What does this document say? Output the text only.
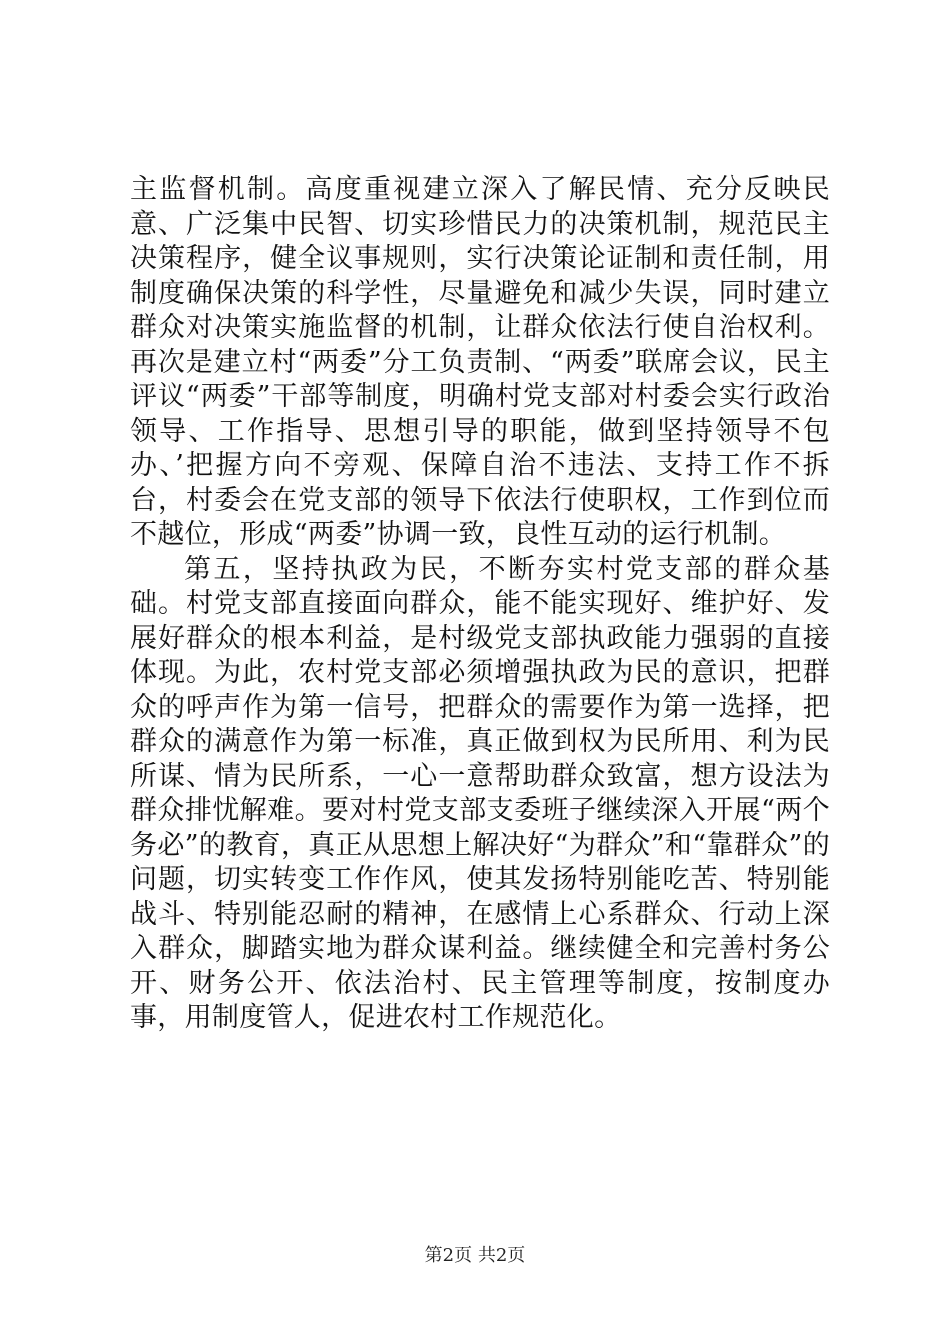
主监督机制。高度重视建立深入了解民情、充分反映民意、广泛集中民智、切实珍惜民力的决策机制，规范民主决策程序，健全议事规则，实行决策论证制和责任制，用制度确保决策的科学性，尽量避免和减少失误，同时建立群众对决策实施监督的机制，让群众依法行使自治权利。再次是建立村“两委”分工负责制、“两委”联席会议，民主评议“两委”干部等制度，明确村党支部对村委会实行政治领导、工作指导、思想引导的职能，做到坚持领导不包办、’把握方向不旁观、保障自治不违法、支持工作不拆台，村委会在党支部的领导下依法行使职权，工作到位而不越位，形成“两委”协调一致，良性互动的运行机制。

第五，坚持执政为民，不断夯实村党支部的群众基础。村党支部直接面向群众，能不能实现好、维护好、发展好群众的根本利益，是村级党支部执政能力强弱的直接体现。为此，农村党支部必须增强执政为民的意识，把群众的呼声作为第一信号，把群众的需要作为第一选择，把群众的满意作为第一标准，真正做到权为民所用、利为民所谋、情为民所系，一心一意帮助群众致富，想方设法为群众排忧解难。要对村党支部支委班子继续深入开展“两个务必”的教育，真正从思想上解决好“为群众”和“靠群众”的问题，切实转变工作作风，使其发扬特别能吃苦、特别能战斗、特别能忍耐的精神，在感情上心系群众、行动上深入群众，脚踏实地为群众谋利益。继续健全和完善村务公开、财务公开、依法治村、民主管理等制度，按制度办事，用制度管人，促进农村工作规范化。

第2页 共2页
